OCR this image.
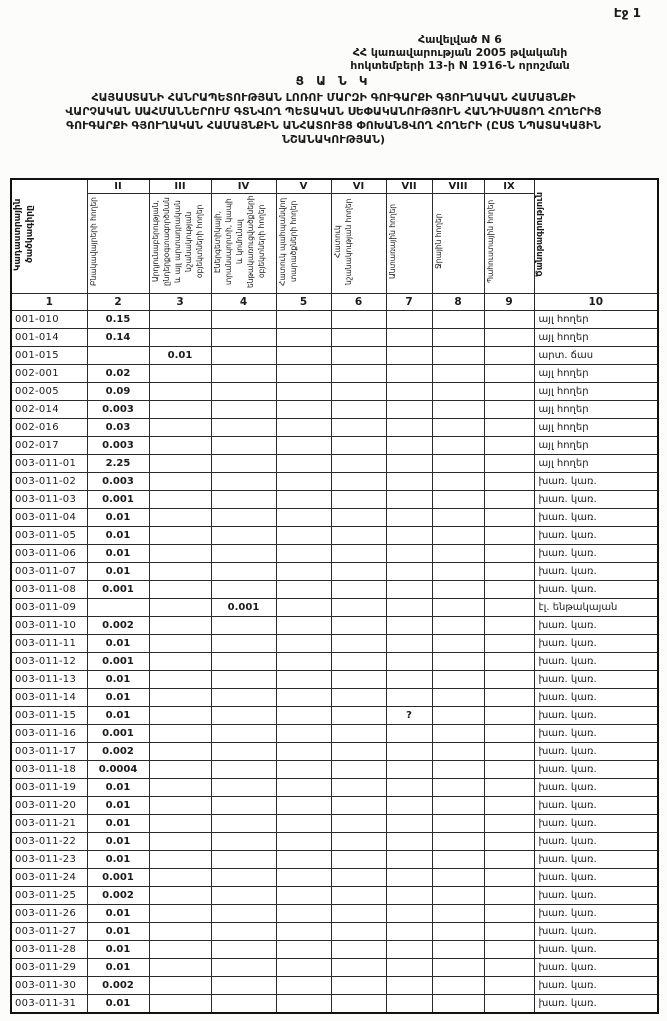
Էջ 1
Հավելված N 6
ՀՀ կառավարության 2005 թվականի
հոկտեմբերի 13-ի N 1916-Ն որոշման
Ց Ա Ն Կ
ՀԱՅԱՍՏԱՆԻ ՀԱՆՐԱՊԵՏՈՒԹՅԱՆ ԼՈՌՈՒ ՄԱՐԶԻ ԳՈՒԳԱՐՔԻ ԳՅՈՒՂԱԿԱՆ ՀԱՄԱՅՆՔԻ
ՎԱՐՉԱԿԱՆ ՍԱՀՄԱՆՆԵՐՈՒՄ ԳՏՆՎՈՂ ՊԵՏԱԿԱՆ ՍԵՓԱԿԱՆՈՒԹՅՈՒՆ ՀԱՆԴԻՍԱՑՈՂ ՀՈՂԵՐԻՑ
ԳՈՒԳԱՐՔԻ ԳՅՈՒՂԱԿԱՆ ՀԱՄԱՅՆՔԻՆ ԱՆՀԱՏՈՒՅՑ ՓՈԽԱՆՑՎՈՂ ՀՈՂԵՐԻ (ԸՍՏ ՆՊԱՏԱԿԱՅԻՆ
ՆՇԱՆԱԿՈՒԹՅԱՆ)
Կադաստրային ծածկագիրը	II	III	IV	V	VI	VII	VIII	IX	Ծանոթագրություն
	Բնակավայրերի հողեր	Արդյունաբերության, ընդերքօգտագործման և այլ արտադրական նշանակության օբյեկտների հողեր	Էներգետիկայի, տրանսպորտի, կապի և կոմունալ ենթակառուցվածքների օբյեկտների հողեր	Հատուկ պահպանվող տարածքների հողեր	Հատուկ նշանակության հողեր	Անտառային հողեր	Ջրային հողեր	Պահուստային հողեր	
1	2	3	4	5	6	7	8	9	10
001-010	0.15								այլ հողեր
001-014	0.14								այլ հողեր
001-015		0.01							արտ. ճաս
002-001	0.02								այլ հողեր
002-005	0.09								այլ հողեր
002-014	0.003								այլ հողեր
002-016	0.03								այլ հողեր
002-017	0.003								այլ հողեր
003-011-01	2.25								այլ հողեր
003-011-02	0.003								խառ. կառ.
003-011-03	0.001								խառ. կառ.
003-011-04	0.01								խառ. կառ.
003-011-05	0.01								խառ. կառ.
003-011-06	0.01								խառ. կառ.
003-011-07	0.01								խառ. կառ.
003-011-08	0.001								խառ. կառ.
003-011-09			0.001						էլ. ենթակայան
003-011-10	0.002								խառ. կառ.
003-011-11	0.01								խառ. կառ.
003-011-12	0.001								խառ. կառ.
003-011-13	0.01								խառ. կառ.
003-011-14	0.01								խառ. կառ.
003-011-15	0.01					?			խառ. կառ.
003-011-16	0.001								խառ. կառ.
003-011-17	0.002								խառ. կառ.
003-011-18	0.0004								խառ. կառ.
003-011-19	0.01								խառ. կառ.
003-011-20	0.01								խառ. կառ.
003-011-21	0.01								խառ. կառ.
003-011-22	0.01								խառ. կառ.
003-011-23	0.01								խառ. կառ.
003-011-24	0.001								խառ. կառ.
003-011-25	0.002								խառ. կառ.
003-011-26	0.01								խառ. կառ.
003-011-27	0.01								խառ. կառ.
003-011-28	0.01								խառ. կառ.
003-011-29	0.01								խառ. կառ.
003-011-30	0.002								խառ. կառ.
003-011-31	0.01								խառ. կառ.
